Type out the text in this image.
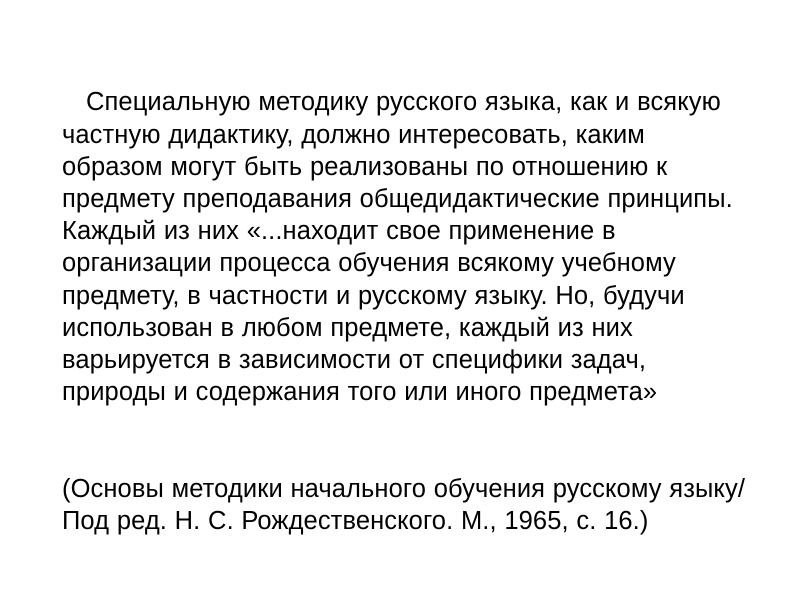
Специальную методику русского языка, как и всякую частную дидактику, должно интересовать, каким образом могут быть реализованы по отношению к предмету преподавания общедидактические принципы. Каждый из них «...находит свое применение в организации процесса обучения всякому учебному предмету, в частности и русскому языку. Но, будучи использован в любом предмете, каждый из них варьируется в зависимости от специфики задач, природы и содержания того или иного предмета»

(Основы методики начального обучения русскому языку/ Под ред. Н. С. Рождественского. М., 1965, с. 16.)
